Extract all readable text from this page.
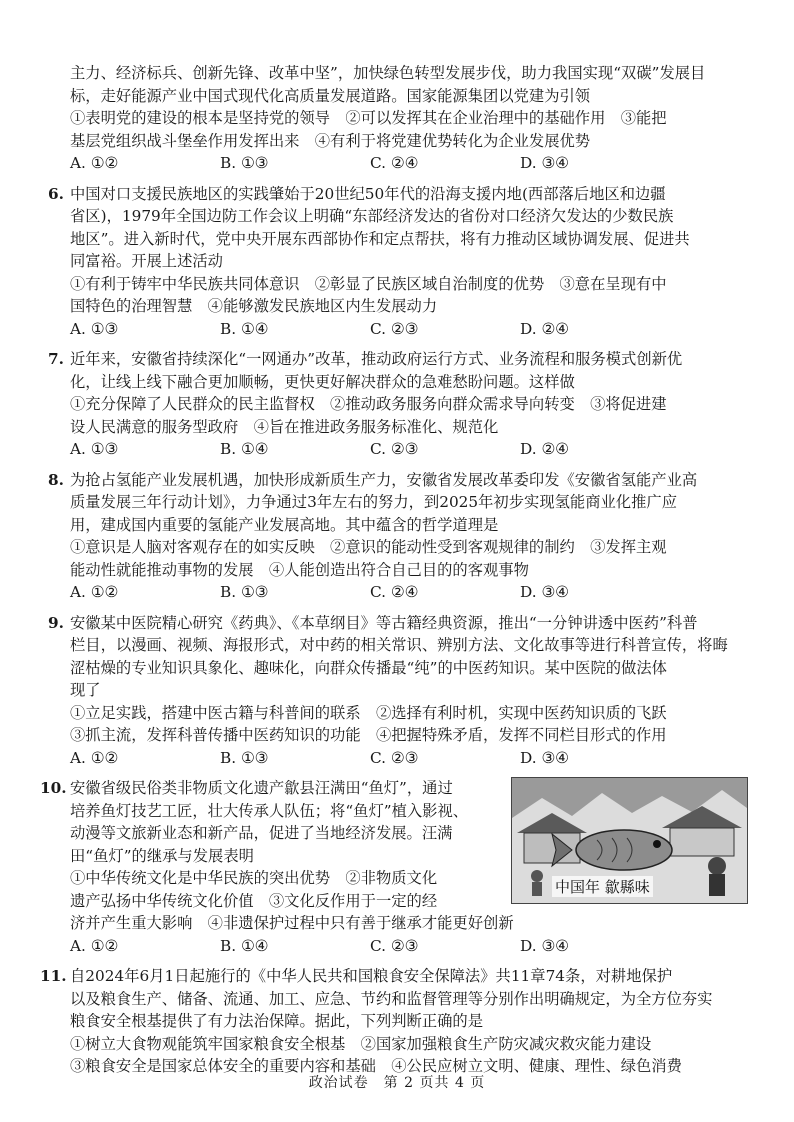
主力、经济标兵、创新先锋、改革中坚”，加快绿色转型发展步伐，助力我国实现“双碳”发展目
标，走好能源产业中国式现代化高质量发展道路。国家能源集团以党建为引领
①表明党的建设的根本是坚持党的领导　②可以发挥其在企业治理中的基础作用　③能把
基层党组织战斗堡垒作用发挥出来　④有利于将党建优势转化为企业发展优势
A. ①②	B. ①③	C. ②④	D. ③④
6. 中国对口支援民族地区的实践肇始于20世纪50年代的沿海支援内地(西部落后地区和边疆
省区)，1979年全国边防工作会议上明确“东部经济发达的省份对口经济欠发达的少数民族
地区”。进入新时代，党中央开展东西部协作和定点帮扶，将有力推动区域协调发展、促进共
同富裕。开展上述活动
①有利于铸牢中华民族共同体意识　②彰显了民族区域自治制度的优势　③意在呈现有中
国特色的治理智慧　④能够激发民族地区内生发展动力
A. ①③	B. ①④	C. ②③	D. ②④
7. 近年来，安徽省持续深化“一网通办”改革，推动政府运行方式、业务流程和服务模式创新优
化，让线上线下融合更加顺畅，更快更好解决群众的急难愁盼问题。这样做
①充分保障了人民群众的民主监督权　②推动政务服务向群众需求导向转变　③将促进建
设人民满意的服务型政府　④旨在推进政务服务标准化、规范化
A. ①③	B. ①④	C. ②③	D. ②④
8. 为抢占氢能产业发展机遇，加快形成新质生产力，安徽省发展改革委印发《安徽省氢能产业高
质量发展三年行动计划》，力争通过3年左右的努力，到2025年初步实现氢能商业化推广应
用，建成国内重要的氢能产业发展高地。其中蕴含的哲学道理是
①意识是人脑对客观存在的如实反映　②意识的能动性受到客观规律的制约　③发挥主观
能动性就能推动事物的发展　④人能创造出符合自己目的的客观事物
A. ①②	B. ①③	C. ②④	D. ③④
9. 安徽某中医院精心研究《药典》、《本草纲目》等古籍经典资源，推出“一分钟讲透中医药”科普
栏目，以漫画、视频、海报形式，对中药的相关常识、辨别方法、文化故事等进行科普宣传，将晦
涩枯燥的专业知识具象化、趣味化，向群众传播最“纯”的中医药知识。某中医院的做法体
现了
①立足实践，搭建中医古籍与科普间的联系　②选择有利时机，实现中医药知识质的飞跃
③抓主流，发挥科普传播中医药知识的功能　④把握特殊矛盾，发挥不同栏目形式的作用
A. ①②	B. ①③	C. ②③	D. ③④
10. 安徽省级民俗类非物质文化遗产歙县汪满田“鱼灯”，通过
培养鱼灯技艺工匠，壮大传承人队伍；将“鱼灯”植入影视、
动漫等文旅新业态和新产品，促进了当地经济发展。汪满
田“鱼灯”的继承与发展表明
①中华传统文化是中华民族的突出优势　②非物质文化
遗产弘扬中华传统文化价值　③文化反作用于一定的经
济并产生重大影响　④非遗保护过程中只有善于继承才能更好创新
A. ①②	B. ①④	C. ②③	D. ③④
中国年 歙縣味
11. 自2024年6月1日起施行的《中华人民共和国粮食安全保障法》共11章74条，对耕地保护
以及粮食生产、储备、流通、加工、应急、节约和监督管理等分别作出明确规定，为全方位夯实
粮食安全根基提供了有力法治保障。据此，下列判断正确的是
①树立大食物观能筑牢国家粮食安全根基　②国家加强粮食生产防灾减灾救灾能力建设
③粮食安全是国家总体安全的重要内容和基础　④公民应树立文明、健康、理性、绿色消费
政治试卷　第 2 页共 4 页
